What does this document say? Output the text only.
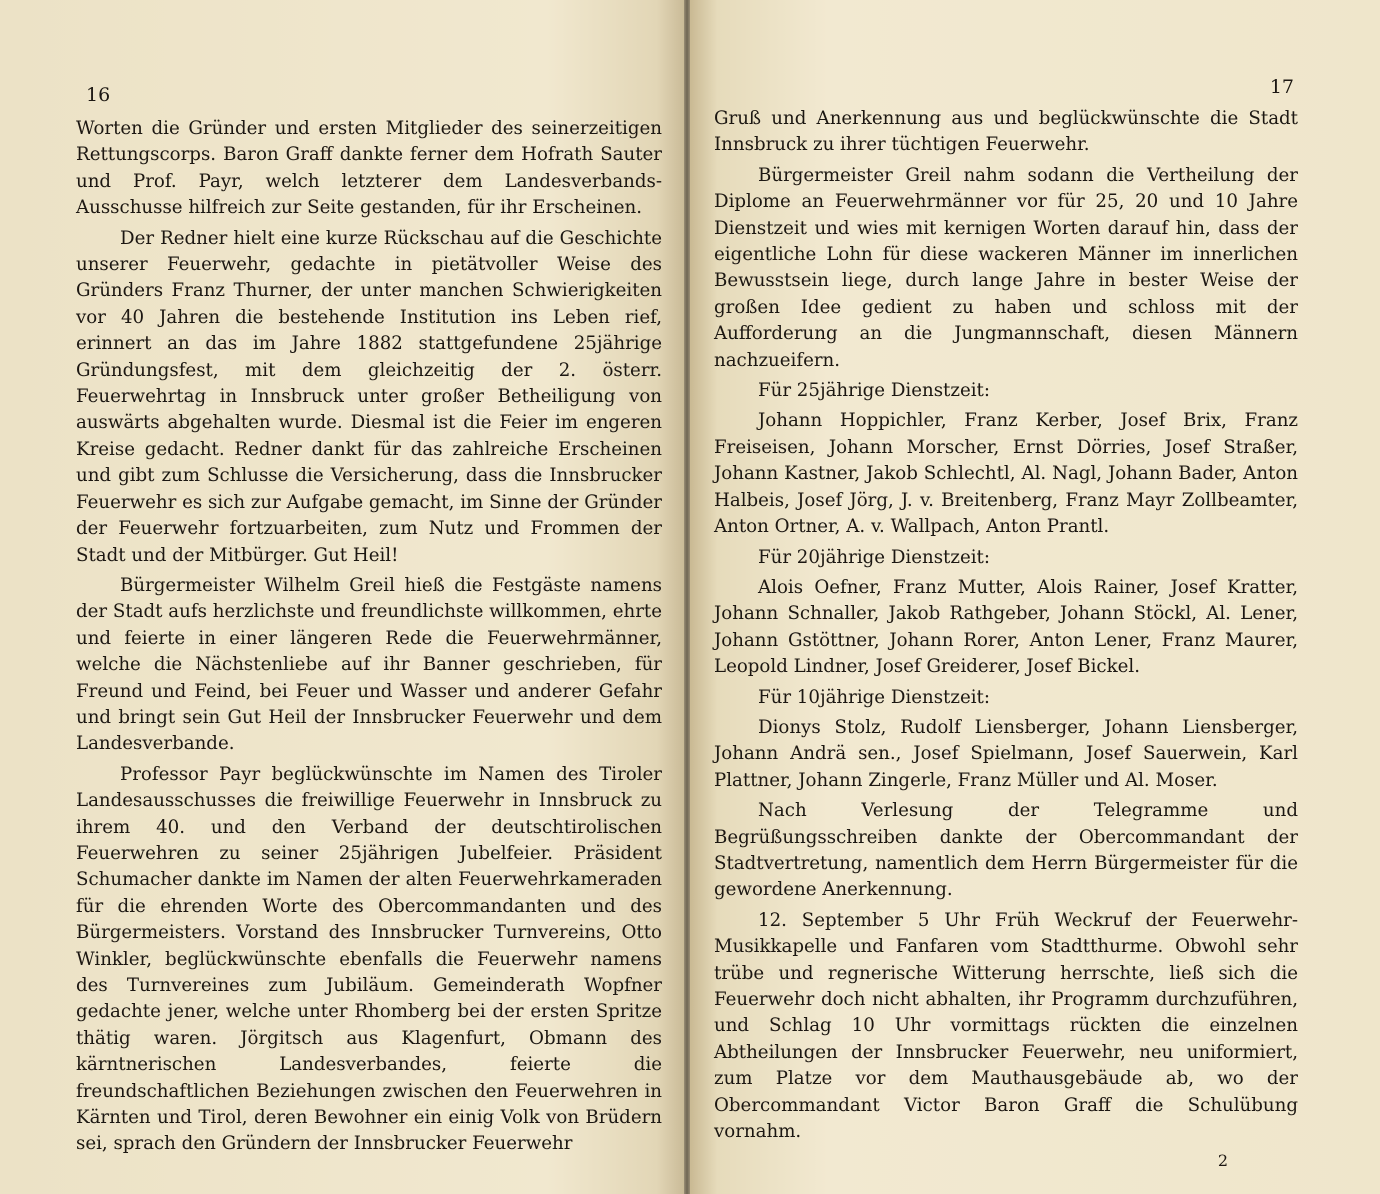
16

Worten die Gründer und ersten Mitglieder des seinerzeitigen Rettungscorps. Baron Graff dankte ferner dem Hofrath Sauter und Prof. Payr, welch letzterer dem Landesverbands-Ausschusse hilfreich zur Seite gestanden, für ihr Erscheinen.

Der Redner hielt eine kurze Rückschau auf die Geschichte unserer Feuerwehr, gedachte in pietätvoller Weise des Gründers Franz Thurner, der unter manchen Schwierigkeiten vor 40 Jahren die bestehende Institution ins Leben rief, erinnert an das im Jahre 1882 stattgefundene 25jährige Gründungsfest, mit dem gleichzeitig der 2. österr. Feuerwehrtag in Innsbruck unter großer Betheiligung von auswärts abgehalten wurde. Diesmal ist die Feier im engeren Kreise gedacht. Redner dankt für das zahlreiche Erscheinen und gibt zum Schlusse die Versicherung, dass die Innsbrucker Feuerwehr es sich zur Aufgabe gemacht, im Sinne der Gründer der Feuerwehr fortzuarbeiten, zum Nutz und Frommen der Stadt und der Mitbürger. Gut Heil!

Bürgermeister Wilhelm Greil hieß die Festgäste namens der Stadt aufs herzlichste und freundlichste willkommen, ehrte und feierte in einer längeren Rede die Feuerwehrmänner, welche die Nächstenliebe auf ihr Banner geschrieben, für Freund und Feind, bei Feuer und Wasser und anderer Gefahr und bringt sein Gut Heil der Innsbrucker Feuerwehr und dem Landesverbande.

Professor Payr beglückwünschte im Namen des Tiroler Landesausschusses die freiwillige Feuerwehr in Innsbruck zu ihrem 40. und den Verband der deutschtirolischen Feuerwehren zu seiner 25jährigen Jubelfeier. Präsident Schumacher dankte im Namen der alten Feuerwehrkameraden für die ehrenden Worte des Obercommandanten und des Bürgermeisters. Vorstand des Innsbrucker Turnvereins, Otto Winkler, beglückwünschte ebenfalls die Feuerwehr namens des Turnvereines zum Jubiläum. Gemeinderath Wopfner gedachte jener, welche unter Rhomberg bei der ersten Spritze thätig waren. Jörgitsch aus Klagenfurt, Obmann des kärntnerischen Landesverbandes, feierte die freundschaftlichen Beziehungen zwischen den Feuerwehren in Kärnten und Tirol, deren Bewohner ein einig Volk von Brüdern sei, sprach den Gründern der Innsbrucker Feuerwehr

17

Gruß und Anerkennung aus und beglückwünschte die Stadt Innsbruck zu ihrer tüchtigen Feuerwehr.

Bürgermeister Greil nahm sodann die Vertheilung der Diplome an Feuerwehrmänner vor für 25, 20 und 10 Jahre Dienstzeit und wies mit kernigen Worten darauf hin, dass der eigentliche Lohn für diese wackeren Männer im innerlichen Bewusstsein liege, durch lange Jahre in bester Weise der großen Idee gedient zu haben und schloss mit der Aufforderung an die Jungmannschaft, diesen Männern nachzueifern.

Für 25jährige Dienstzeit:

Johann Hoppichler, Franz Kerber, Josef Brix, Franz Freiseisen, Johann Morscher, Ernst Dörries, Josef Straßer, Johann Kastner, Jakob Schlechtl, Al. Nagl, Johann Bader, Anton Halbeis, Josef Jörg, J. v. Breitenberg, Franz Mayr Zollbeamter, Anton Ortner, A. v. Wallpach, Anton Prantl.

Für 20jährige Dienstzeit:

Alois Oefner, Franz Mutter, Alois Rainer, Josef Kratter, Johann Schnaller, Jakob Rathgeber, Johann Stöckl, Al. Lener, Johann Gstöttner, Johann Rorer, Anton Lener, Franz Maurer, Leopold Lindner, Josef Greiderer, Josef Bickel.

Für 10jährige Dienstzeit:

Dionys Stolz, Rudolf Liensberger, Johann Liensberger, Johann Andrä sen., Josef Spielmann, Josef Sauerwein, Karl Plattner, Johann Zingerle, Franz Müller und Al. Moser.

Nach Verlesung der Telegramme und Begrüßungsschreiben dankte der Obercommandant der Stadtvertretung, namentlich dem Herrn Bürgermeister für die gewordene Anerkennung.

12. September 5 Uhr Früh Weckruf der Feuerwehr-Musikkapelle und Fanfaren vom Stadtthurme. Obwohl sehr trübe und regnerische Witterung herrschte, ließ sich die Feuerwehr doch nicht abhalten, ihr Programm durchzuführen, und Schlag 10 Uhr vormittags rückten die einzelnen Abtheilungen der Innsbrucker Feuerwehr, neu uniformiert, zum Platze vor dem Mauthausgebäude ab, wo der Obercommandant Victor Baron Graff die Schulübung vornahm.

2
